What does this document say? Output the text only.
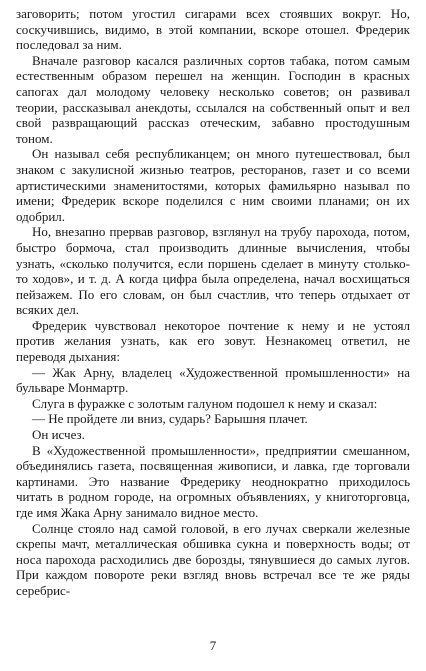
заговорить; потом угостил сигарами всех стоявших вокруг. Но, соскучившись, видимо, в этой компании, вскоре отошел. Фредерик последовал за ним.

Вначале разговор касался различных сортов табака, потом самым естественным образом перешел на женщин. Господин в красных сапогах дал молодому человеку несколько советов; он развивал теории, рассказывал анекдоты, ссылался на собственный опыт и вел свой развращающий рассказ отеческим, забавно простодушным тоном.

Он называл себя республиканцем; он много путешествовал, был знаком с закулисной жизнью театров, ресторанов, газет и со всеми артистическими знаменитостями, которых фамильярно называл по имени; Фредерик вскоре поделился с ним своими планами; он их одобрил.

Но, внезапно прервав разговор, взглянул на трубу парохода, потом, быстро бормоча, стал производить длинные вычисления, чтобы узнать, «сколько получится, если поршень сделает в минуту столько-то ходов», и т. д. А когда цифра была определена, начал восхищаться пейзажем. По его словам, он был счастлив, что теперь отдыхает от всяких дел.

Фредерик чувствовал некоторое почтение к нему и не устоял против желания узнать, как его зовут. Незнакомец ответил, не переводя дыхания:

— Жак Арну, владелец «Художественной промышленности» на бульваре Монмартр.

Слуга в фуражке с золотым галуном подошел к нему и сказал:

— Не пройдете ли вниз, сударь? Барышня плачет.

Он исчез.

В «Художественной промышленности», предприятии смешанном, объединялись газета, посвященная живописи, и лавка, где торговали картинами. Это название Фредерику неоднократно приходилось читать в родном городе, на огромных объявлениях, у книготорговца, где имя Жака Арну занимало видное место.

Солнце стояло над самой головой, в его лучах сверкали железные скрепы мачт, металлическая обшивка сукна и поверхность воды; от носа парохода расходились две борозды, тянувшиеся до самых лугов. При каждом повороте реки взгляд вновь встречал все те же ряды серебрис-

7
